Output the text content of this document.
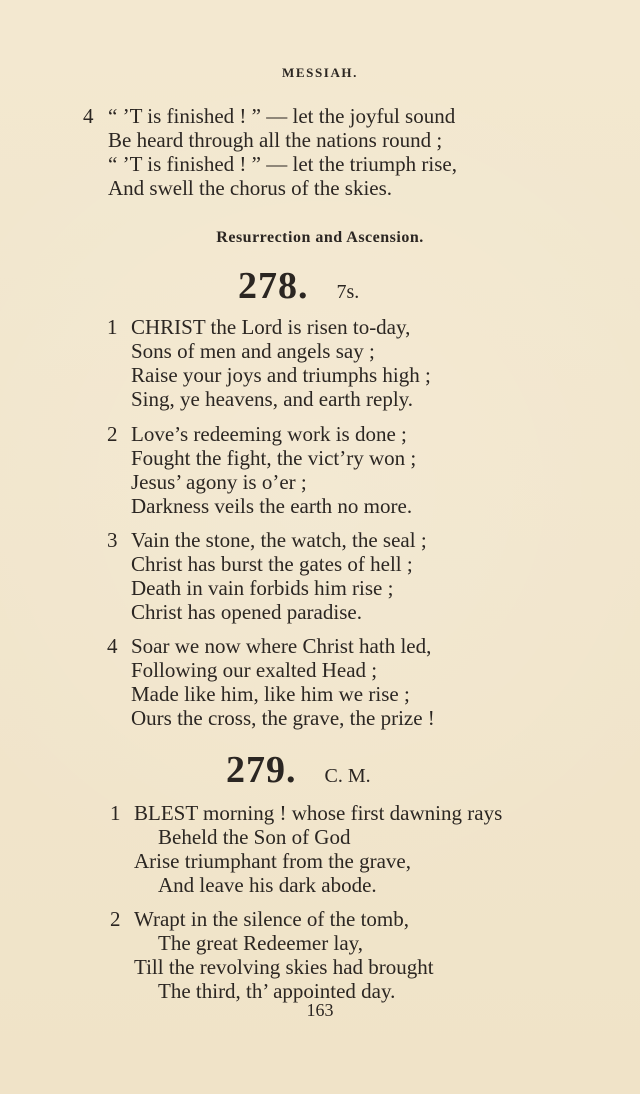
MESSIAH.
4 “ ’T is finished ! ” — let the joyful sound
Be heard through all the nations round ;
“ ’T is finished ! ” — let the triumph rise,
And swell the chorus of the skies.
Resurrection and Ascension.
278. 7s.
1 CHRIST the Lord is risen to-day,
Sons of men and angels say ;
Raise your joys and triumphs high ;
Sing, ye heavens, and earth reply.
2 Love’s redeeming work is done ;
Fought the fight, the vict’ry won ;
Jesus’ agony is o’er ;
Darkness veils the earth no more.
3 Vain the stone, the watch, the seal ;
Christ has burst the gates of hell ;
Death in vain forbids him rise ;
Christ has opened paradise.
4 Soar we now where Christ hath led,
Following our exalted Head ;
Made like him, like him we rise ;
Ours the cross, the grave, the prize !
279. C. M.
1 BLEST morning ! whose first dawning rays
Beheld the Son of God
Arise triumphant from the grave,
And leave his dark abode.
2 Wrapt in the silence of the tomb,
The great Redeemer lay,
Till the revolving skies had brought
The third, th’ appointed day.
163
